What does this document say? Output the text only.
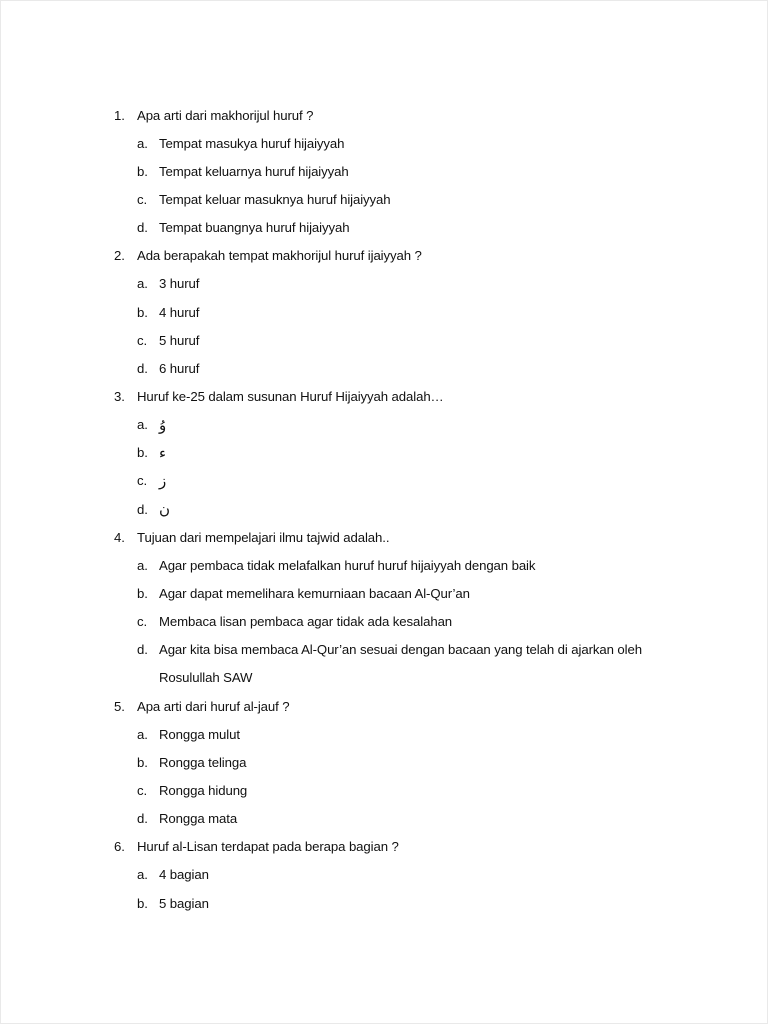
1. Apa arti dari makhorijul huruf ?
a. Tempat masukya huruf hijaiyyah
b. Tempat keluarnya huruf hijaiyyah
c. Tempat keluar masuknya huruf hijaiyyah
d. Tempat buangnya huruf hijaiyyah
2. Ada berapakah tempat makhorijul huruf ijaiyyah ?
a. 3 huruf
b. 4 huruf
c. 5 huruf
d. 6 huruf
3. Huruf ke-25 dalam susunan Huruf Hijaiyyah adalah…
a. وُ
b. ء
c. ز
d. ن
4. Tujuan dari mempelajari ilmu tajwid adalah..
a. Agar pembaca tidak melafalkan huruf huruf hijaiyyah dengan baik
b. Agar dapat memelihara kemurniaan bacaan Al-Qur’an
c. Membaca lisan pembaca agar tidak ada kesalahan
d. Agar kita bisa membaca Al-Qur’an sesuai dengan bacaan yang telah di ajarkan oleh
Rosulullah SAW
5. Apa arti dari huruf al-jauf ?
a. Rongga mulut
b. Rongga telinga
c. Rongga hidung
d. Rongga mata
6. Huruf al-Lisan terdapat pada berapa bagian ?
a. 4 bagian
b. 5 bagian
